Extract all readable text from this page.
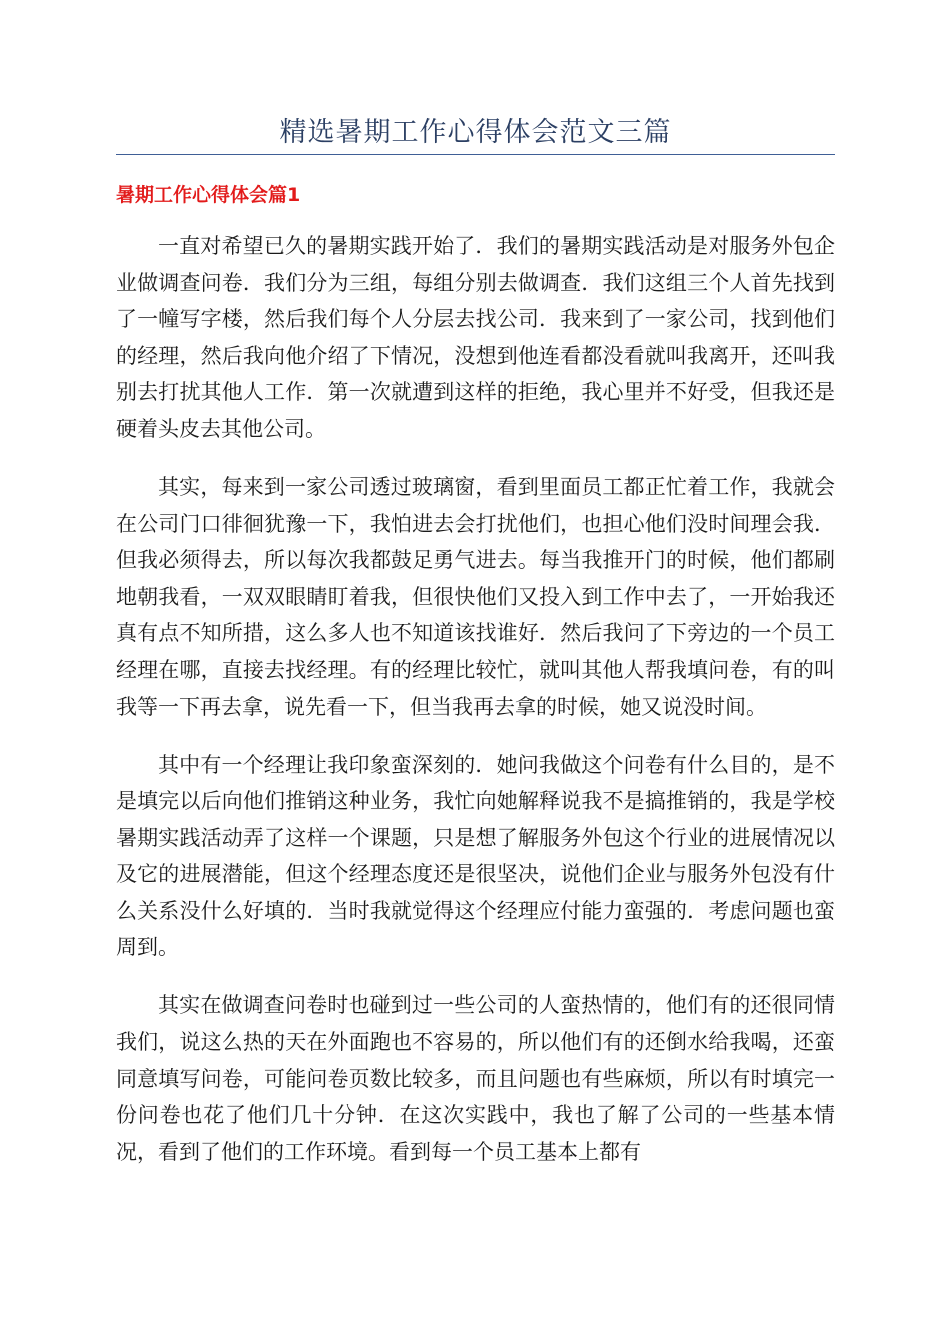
精选暑期工作心得体会范文三篇
暑期工作心得体会篇1

一直对希望已久的暑期实践开始了．我们的暑期实践活动是对服务外包企业做调查问卷．我们分为三组，每组分别去做调查．我们这组三个人首先找到了一幢写字楼，然后我们每个人分层去找公司．我来到了一家公司，找到他们的经理，然后我向他介绍了下情况，没想到他连看都没看就叫我离开，还叫我别去打扰其他人工作．第一次就遭到这样的拒绝，我心里并不好受，但我还是硬着头皮去其他公司。

其实，每来到一家公司透过玻璃窗，看到里面员工都正忙着工作，我就会在公司门口徘徊犹豫一下，我怕进去会打扰他们，也担心他们没时间理会我．但我必须得去，所以每次我都鼓足勇气进去。每当我推开门的时候，他们都刷地朝我看，一双双眼睛盯着我，但很快他们又投入到工作中去了，一开始我还真有点不知所措，这么多人也不知道该找谁好．然后我问了下旁边的一个员工经理在哪，直接去找经理。有的经理比较忙，就叫其他人帮我填问卷，有的叫我等一下再去拿，说先看一下，但当我再去拿的时候，她又说没时间。

其中有一个经理让我印象蛮深刻的．她问我做这个问卷有什么目的，是不是填完以后向他们推销这种业务，我忙向她解释说我不是搞推销的，我是学校暑期实践活动弄了这样一个课题，只是想了解服务外包这个行业的进展情况以及它的进展潜能，但这个经理态度还是很坚决，说他们企业与服务外包没有什么关系没什么好填的．当时我就觉得这个经理应付能力蛮强的．考虑问题也蛮周到。

其实在做调查问卷时也碰到过一些公司的人蛮热情的，他们有的还很同情我们，说这么热的天在外面跑也不容易的，所以他们有的还倒水给我喝，还蛮同意填写问卷，可能问卷页数比较多，而且问题也有些麻烦，所以有时填完一份问卷也花了他们几十分钟．在这次实践中，我也了解了公司的一些基本情况，看到了他们的工作环境。看到每一个员工基本上都有
